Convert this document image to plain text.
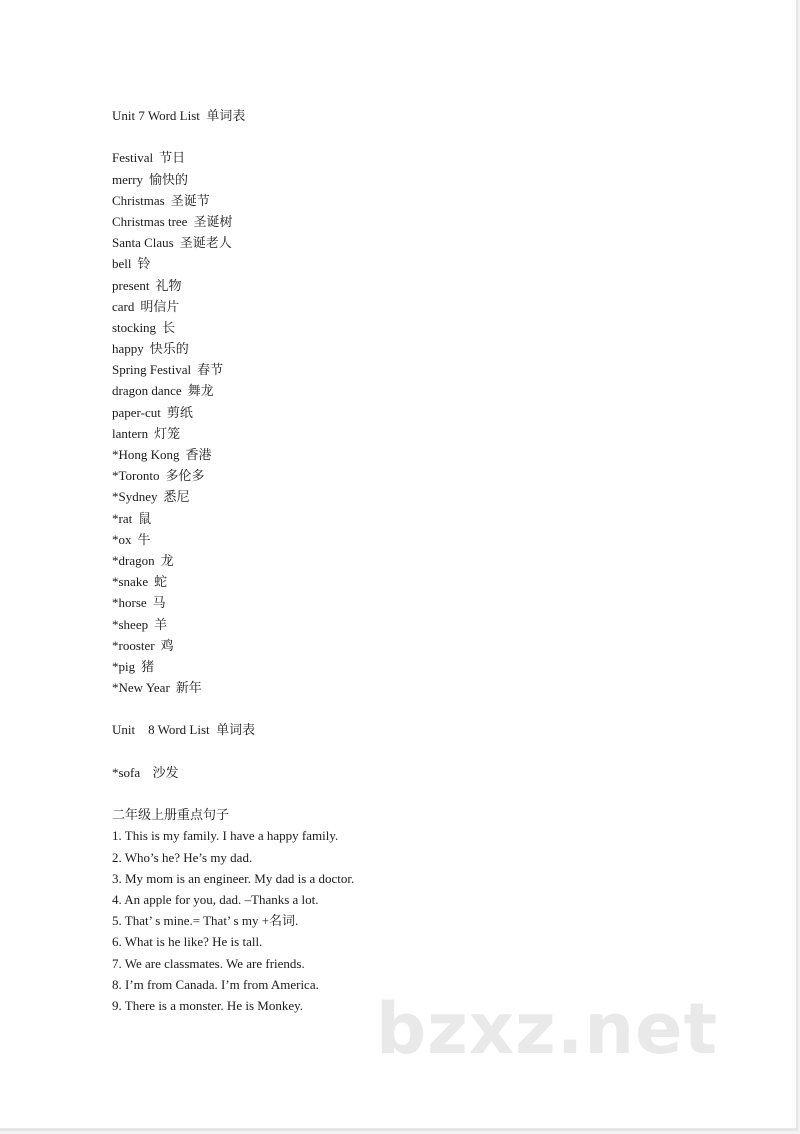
Unit 7 Word List  单词表
Festival 节日
merry 愉快的
Christmas 圣诞节
Christmas tree 圣诞树
Santa Claus 圣诞老人
bell 铃
present 礼物
card 明信片
stocking 长
happy 快乐的
Spring Festival 春节
dragon dance 舞龙
paper-cut 剪纸
lantern 灯笼
*Hong Kong 香港
*Toronto 多伦多
*Sydney 悉尼
*rat 鼠
*ox 牛
*dragon 龙
*snake 蛇
*horse 马
*sheep 羊
*rooster 鸡
*pig 猪
*New Year 新年
Unit    8 Word List  单词表
*sofa  沙发
二年级上册重点句子
1. This is my family. I have a happy family.
2. Who’s he? He’s my dad.
3. My mom is an engineer. My dad is a doctor.
4. An apple for you, dad. –Thanks a lot.
5. That’ s mine.= That’ s my +名词.
6. What is he like? He is tall.
7. We are classmates. We are friends.
8. I’m from Canada. I’m from America.
9. There is a monster. He is Monkey.	bzxz.net
